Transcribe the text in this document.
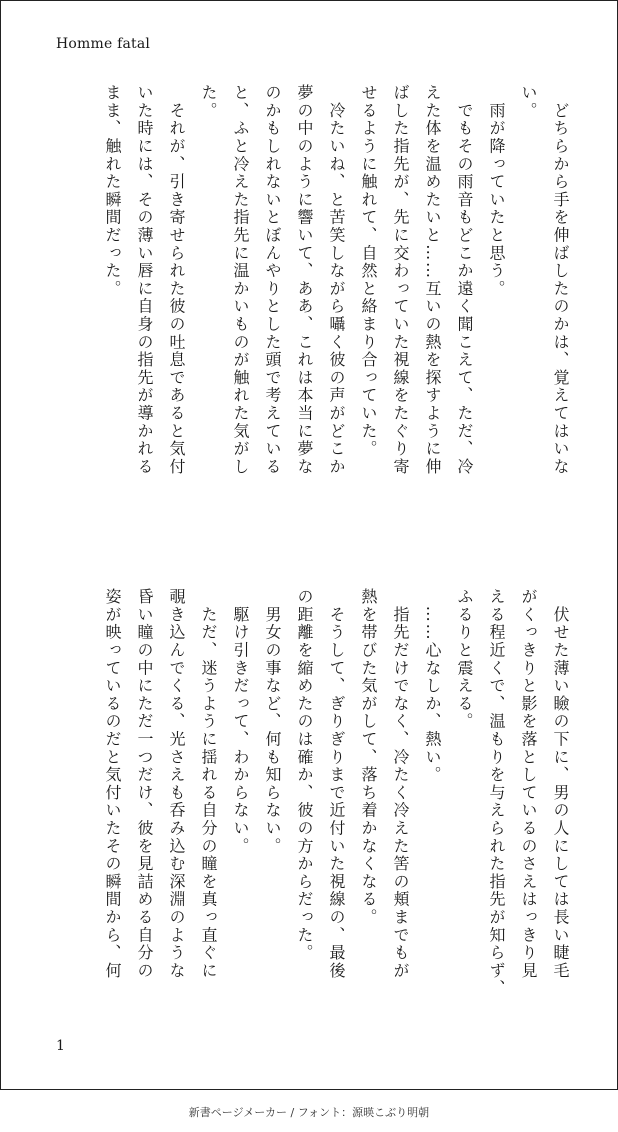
Homme fatal

　どちらから手を伸ばしたのかは、覚えてはいな

い。

　雨が降っていたと思う。

　でもその雨音もどこか遠く聞こえて、ただ、冷

えた体を温めたいと……互いの熱を探すように伸

ばした指先が、先に交わっていた視線をたぐり寄

せるように触れて、自然と絡まり合っていた。

　冷たいね、と苦笑しながら囁く彼の声がどこか

夢の中のように響いて、ああ、これは本当に夢な

のかもしれないとぼんやりとした頭で考えている

と、ふと冷えた指先に温かいものが触れた気がし

た。

　それが、引き寄せられた彼の吐息であると気付

いた時には、その薄い唇に自身の指先が導かれる

まま、触れた瞬間だった。

　伏せた薄い瞼の下に、男の人にしては長い睫毛

がくっきりと影を落としているのさえはっきり見

える程近くで、温もりを与えられた指先が知らず、

ふるりと震える。

　……心なしか、熱い。

　指先だけでなく、冷たく冷えた筈の頬までもが

熱を帯びた気がして、落ち着かなくなる。

　そうして、ぎりぎりまで近付いた視線の、最後

の距離を縮めたのは確か、彼の方からだった。

　男女の事など、何も知らない。

　駆け引きだって、わからない。

　ただ、迷うように揺れる自分の瞳を真っ直ぐに

覗き込んでくる、光さえも呑み込む深淵のような

昏い瞳の中にただ一つだけ、彼を見詰める自分の

姿が映っているのだと気付いたその瞬間から、何

1
新書ページメーカー / フォント：源暎こぶり明朝
